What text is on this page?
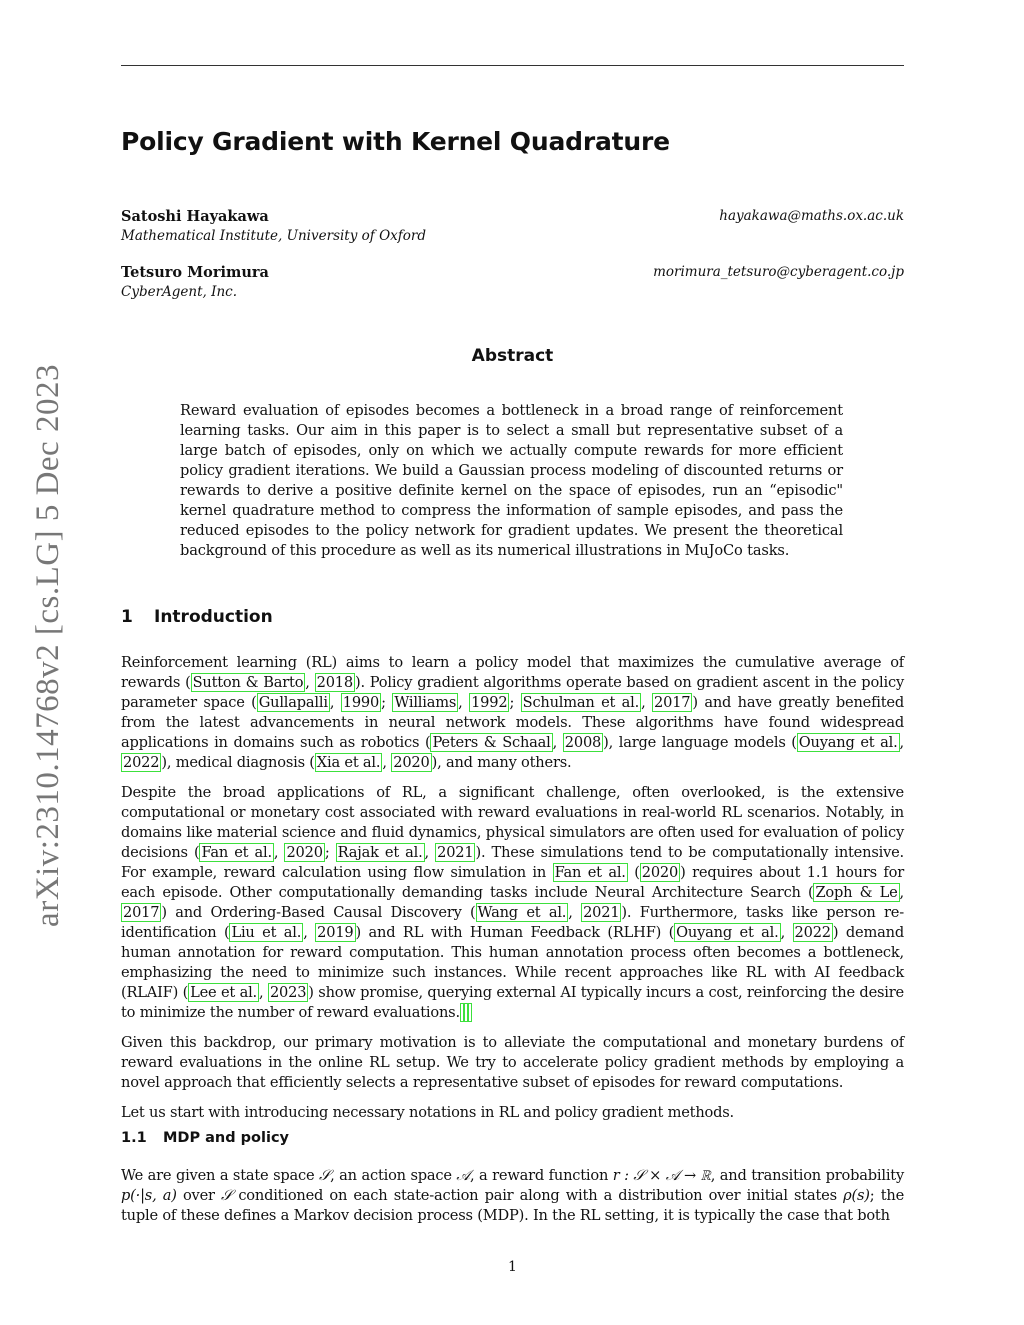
arXiv:2310.14768v2 [cs.LG] 5 Dec 2023
Policy Gradient with Kernel Quadrature
Satoshi Hayakawa
Mathematical Institute, University of Oxford
hayakawa@maths.ox.ac.uk
Tetsuro Morimura
CyberAgent, Inc.
morimura_tetsuro@cyberagent.co.jp
Abstract

Reward evaluation of episodes becomes a bottleneck in a broad range of reinforcement learning tasks. Our aim in this paper is to select a small but representative subset of a large batch of episodes, only on which we actually compute rewards for more efficient policy gradient iterations. We build a Gaussian process modeling of discounted returns or rewards to derive a positive definite kernel on the space of episodes, run an “episodic" kernel quadrature method to compress the information of sample episodes, and pass the reduced episodes to the policy network for gradient updates. We present the theoretical background of this procedure as well as its numerical illustrations in MuJoCo tasks.

1 Introduction

Reinforcement learning (RL) aims to learn a policy model that maximizes the cumulative average of rewards ( Sutton & Barto , 2018 ). Policy gradient algorithms operate based on gradient ascent in the policy parameter space ( Gullapalli , 1990 ; Williams , 1992 ; Schulman et al. , 2017 ) and have greatly benefited from the latest advancements in neural network models. These algorithms have found widespread applications in domains such as robotics ( Peters & Schaal , 2008 ), large language models ( Ouyang et al. , 2022 ), medical diagnosis ( Xia et al. , 2020 ), and many others.

Despite the broad applications of RL, a significant challenge, often overlooked, is the extensive computational or monetary cost associated with reward evaluations in real-world RL scenarios. Notably, in domains like material science and fluid dynamics, physical simulators are often used for evaluation of policy decisions ( Fan et al. , 2020 ; Rajak et al. , 2021 ). These simulations tend to be computationally intensive. For example, reward calculation using flow simulation in Fan et al. ( 2020 ) requires about 1.1 hours for each episode. Other computationally demanding tasks include Neural Architecture Search ( Zoph & Le , 2017 ) and Ordering-Based Causal Discovery ( Wang et al. , 2021 ). Furthermore, tasks like person re-identification ( Liu et al. , 2019 ) and RL with Human Feedback (RLHF) ( Ouyang et al. , 2022 ) demand human annotation for reward computation. This human annotation process often becomes a bottleneck, emphasizing the need to minimize such instances. While recent approaches like RL with AI feedback (RLAIF) ( Lee et al. , 2023 ) show promise, querying external AI typically incurs a cost, reinforcing the desire to minimize the number of reward evaluations.

Given this backdrop, our primary motivation is to alleviate the computational and monetary burdens of reward evaluations in the online RL setup. We try to accelerate policy gradient methods by employing a novel approach that efficiently selects a representative subset of episodes for reward computations.

Let us start with introducing necessary notations in RL and policy gradient methods.

1.1 MDP and policy

We are given a state space 𝒮, an action space 𝒜, a reward function r : 𝒮 × 𝒜 → ℝ, and transition probability p(·|s, a) over 𝒮 conditioned on each state-action pair along with a distribution over initial states ρ(s); the tuple of these defines a Markov decision process (MDP). In the RL setting, it is typically the case that both

1
